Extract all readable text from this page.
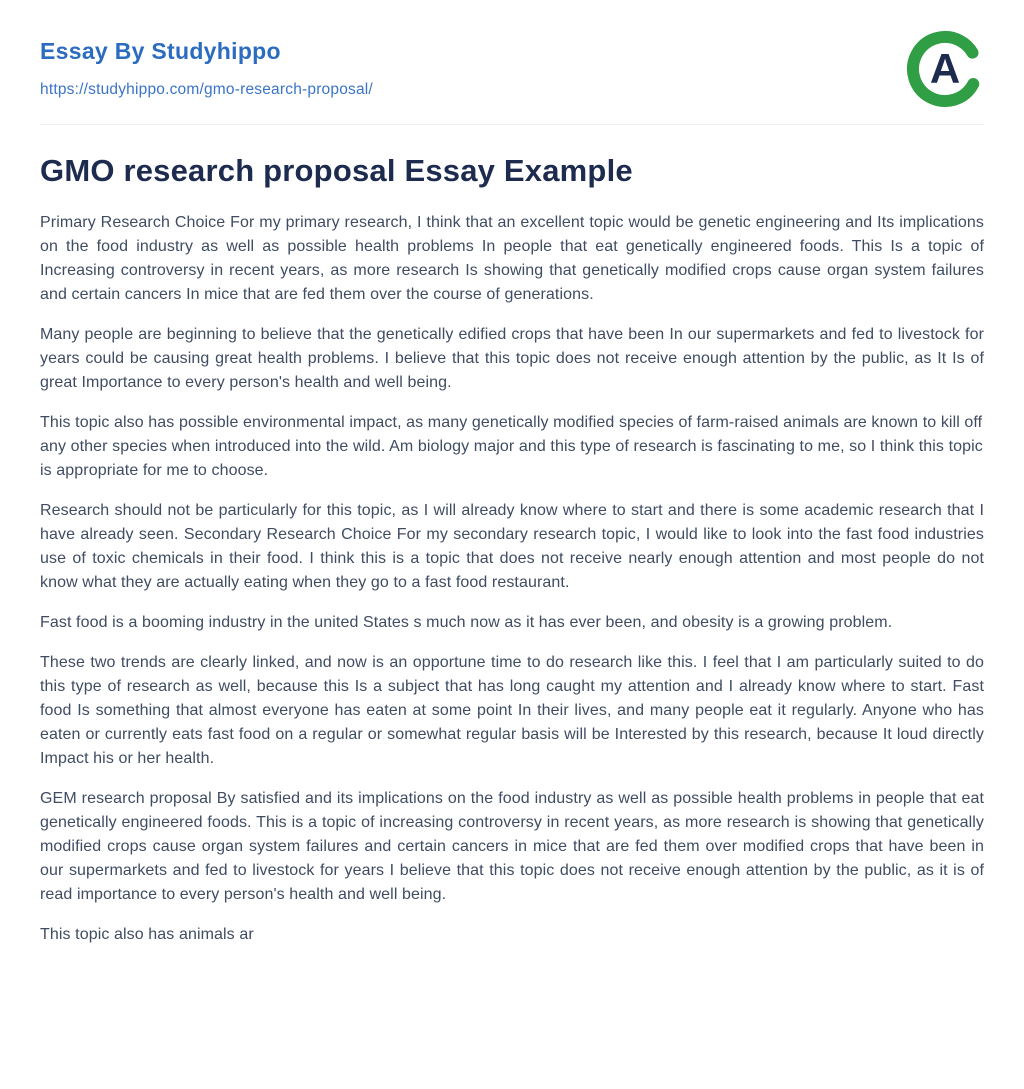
Essay By Studyhippo
https://studyhippo.com/gmo-research-proposal/	A
GMO research proposal Essay Example

Primary Research Choice For my primary research, I think that an excellent topic would be genetic engineering and Its implications on the food industry as well as possible health problems In people that eat genetically engineered foods. This Is a topic of Increasing controversy in recent years, as more research Is showing that genetically modified crops cause organ system failures and certain cancers In mice that are fed them over the course of generations.

Many people are beginning to believe that the genetically edified crops that have been In our supermarkets and fed to livestock for years could be causing great health problems. I believe that this topic does not receive enough attention by the public, as It Is of great Importance to every person's health and well being.

This topic also has possible environmental impact, as many genetically modified species of farm-raised animals are known to kill off any other species when introduced into the wild. Am biology major and this type of research is fascinating to me, so I think this topic is appropriate for me to choose.

Research should not be particularly for this topic, as I will already know where to start and there is some academic research that I have already seen. Secondary Research Choice For my secondary research topic, I would like to look into the fast food industries use of toxic chemicals in their food. I think this is a topic that does not receive nearly enough attention and most people do not know what they are actually eating when they go to a fast food restaurant.

Fast food is a booming industry in the united States s much now as it has ever been, and obesity is a growing problem.

These two trends are clearly linked, and now is an opportune time to do research like this. I feel that I am particularly suited to do this type of research as well, because this Is a subject that has long caught my attention and I already know where to start. Fast food Is something that almost everyone has eaten at some point In their lives, and many people eat it regularly. Anyone who has eaten or currently eats fast food on a regular or somewhat regular basis will be Interested by this research, because It loud directly Impact his or her health.

GEM research proposal By satisfied and its implications on the food industry as well as possible health problems in people that eat genetically engineered foods. This is a topic of increasing controversy in recent years, as more research is showing that genetically modified crops cause organ system failures and certain cancers in mice that are fed them over modified crops that have been in our supermarkets and fed to livestock for years I believe that this topic does not receive enough attention by the public, as it is of read importance to every person's health and well being.

This topic also has animals ar
